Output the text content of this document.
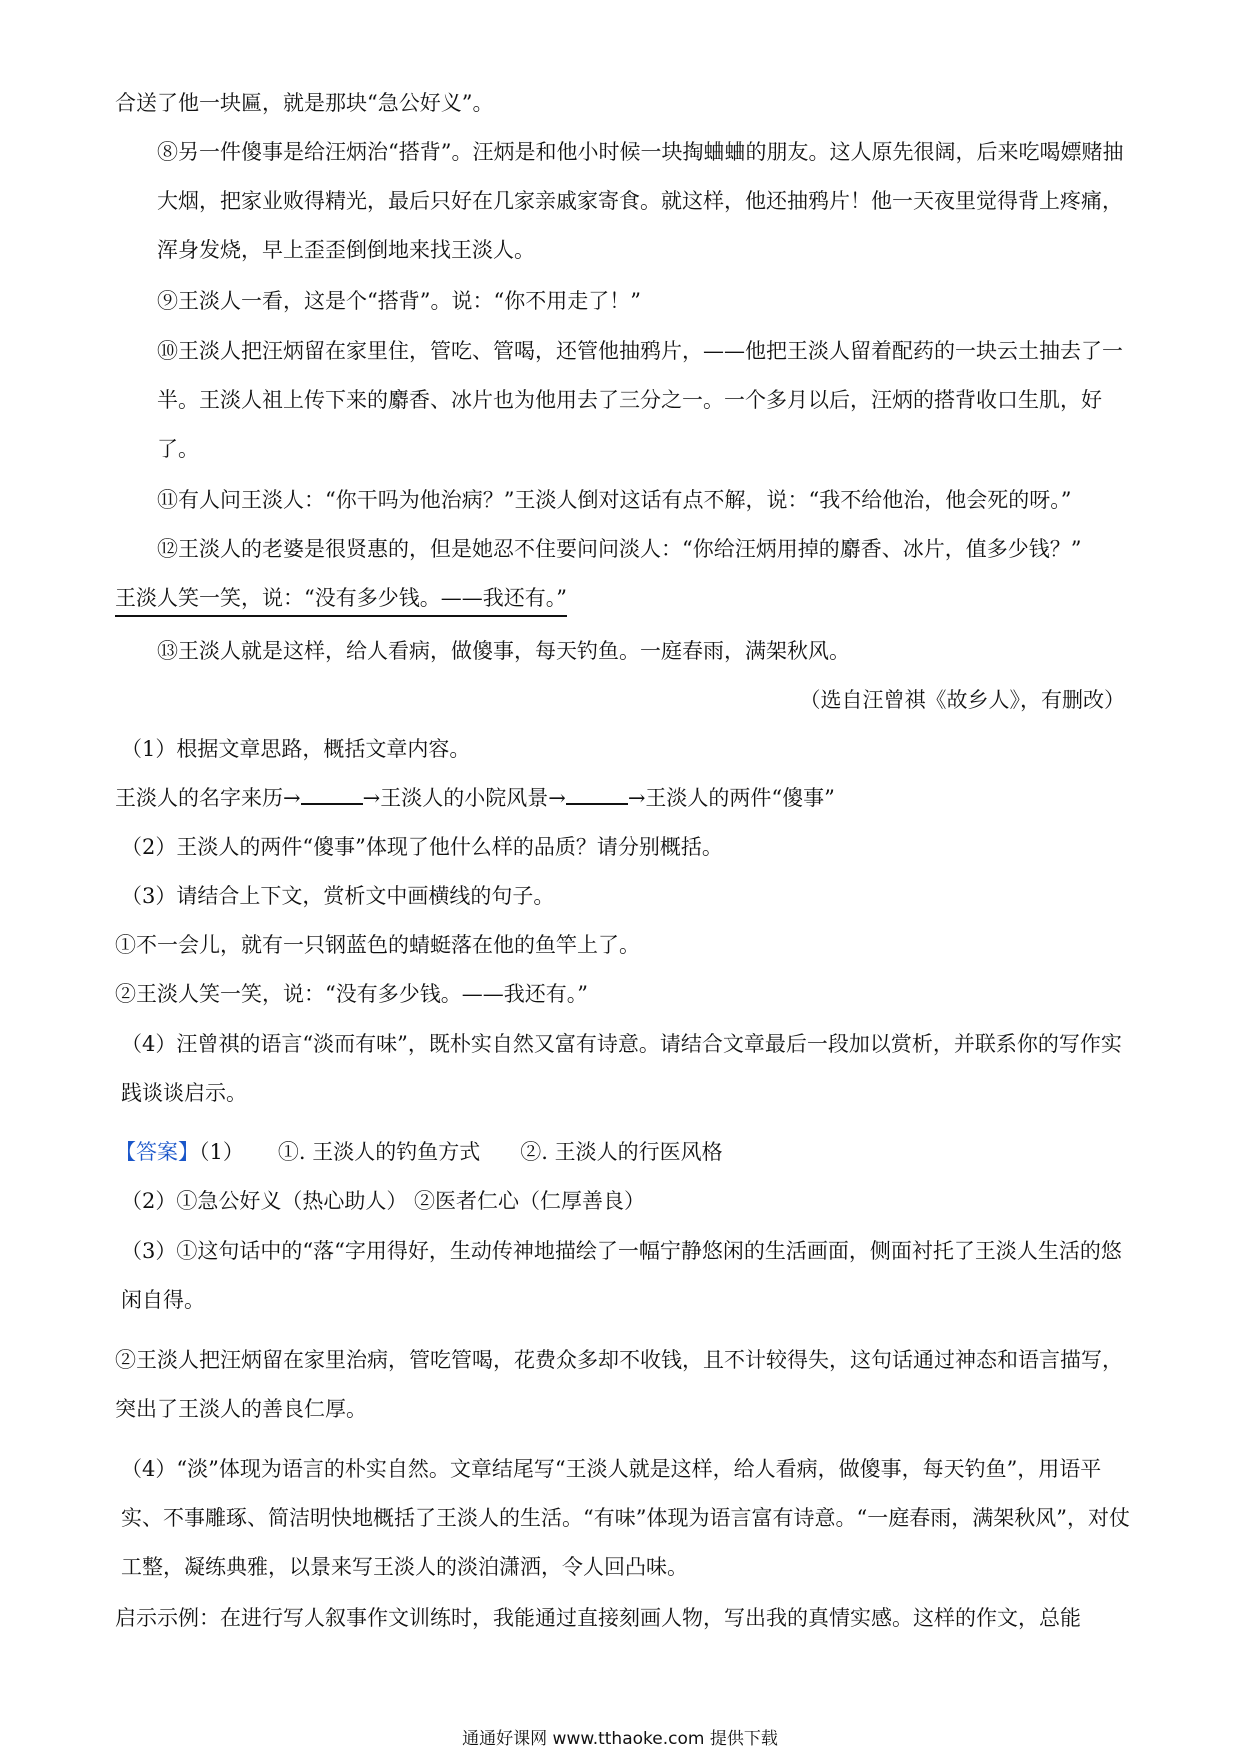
合送了他一块匾，就是那块“急公好义”。
⑧另一件傻事是给汪炳治“搭背”。汪炳是和他小时候一块掏蛐蛐的朋友。这人原先很阔，后来吃喝嫖赌抽大烟，把家业败得精光，最后只好在几家亲戚家寄食。就这样，他还抽鸦片！他一天夜里觉得背上疼痛，浑身发烧，早上歪歪倒倒地来找王淡人。
⑨王淡人一看，这是个“搭背”。说：“你不用走了！”
⑩王淡人把汪炳留在家里住，管吃、管喝，还管他抽鸦片，——他把王淡人留着配药的一块云土抽去了一半。王淡人祖上传下来的麝香、冰片也为他用去了三分之一。一个多月以后，汪炳的搭背收口生肌，好了。
⑪有人问王淡人：“你干吗为他治病？”王淡人倒对这话有点不解，说：“我不给他治，他会死的呀。”
⑫王淡人的老婆是很贤惠的，但是她忍不住要问问淡人：“你给汪炳用掉的麝香、冰片，值多少钱？”
王淡人笑一笑，说：“没有多少钱。——我还有。”
⑬王淡人就是这样，给人看病，做傻事，每天钓鱼。一庭春雨，满架秋风。
（选自汪曾祺《故乡人》，有删改）
（1）根据文章思路，概括文章内容。
王淡人的名字来历→	→王淡人的小院风景→	→王淡人的两件“傻事”
（2）王淡人的两件“傻事”体现了他什么样的品质？请分别概括。
（3）请结合上下文，赏析文中画横线的句子。
①不一会儿，就有一只钢蓝色的蜻蜓落在他的鱼竿上了。
②王淡人笑一笑，说：“没有多少钱。——我还有。”
（4）汪曾祺的语言“淡而有味”，既朴实自然又富有诗意。请结合文章最后一段加以赏析，并联系你的写作实践谈谈启示。
【答案】（1） ①. 王淡人的钓鱼方式 ②. 王淡人的行医风格
（2）①急公好义（热心助人） ②医者仁心（仁厚善良）
（3）①这句话中的“落“字用得好，生动传神地描绘了一幅宁静悠闲的生活画面，侧面衬托了王淡人生活的悠闲自得。
②王淡人把汪炳留在家里治病，管吃管喝，花费众多却不收钱，且不计较得失，这句话通过神态和语言描写，突出了王淡人的善良仁厚。
（4）“淡”体现为语言的朴实自然。文章结尾写“王淡人就是这样，给人看病，做傻事，每天钓鱼”，用语平实、不事雕琢、简洁明快地概括了王淡人的生活。“有味”体现为语言富有诗意。“一庭春雨，满架秋风”，对仗工整，凝练典雅，以景来写王淡人的淡泊潇洒，令人回凸味。
启示示例：在进行写人叙事作文训练时，我能通过直接刻画人物，写出我的真情实感。这样的作文，总能
通通好课网 www.tthaoke.com 提供下载
